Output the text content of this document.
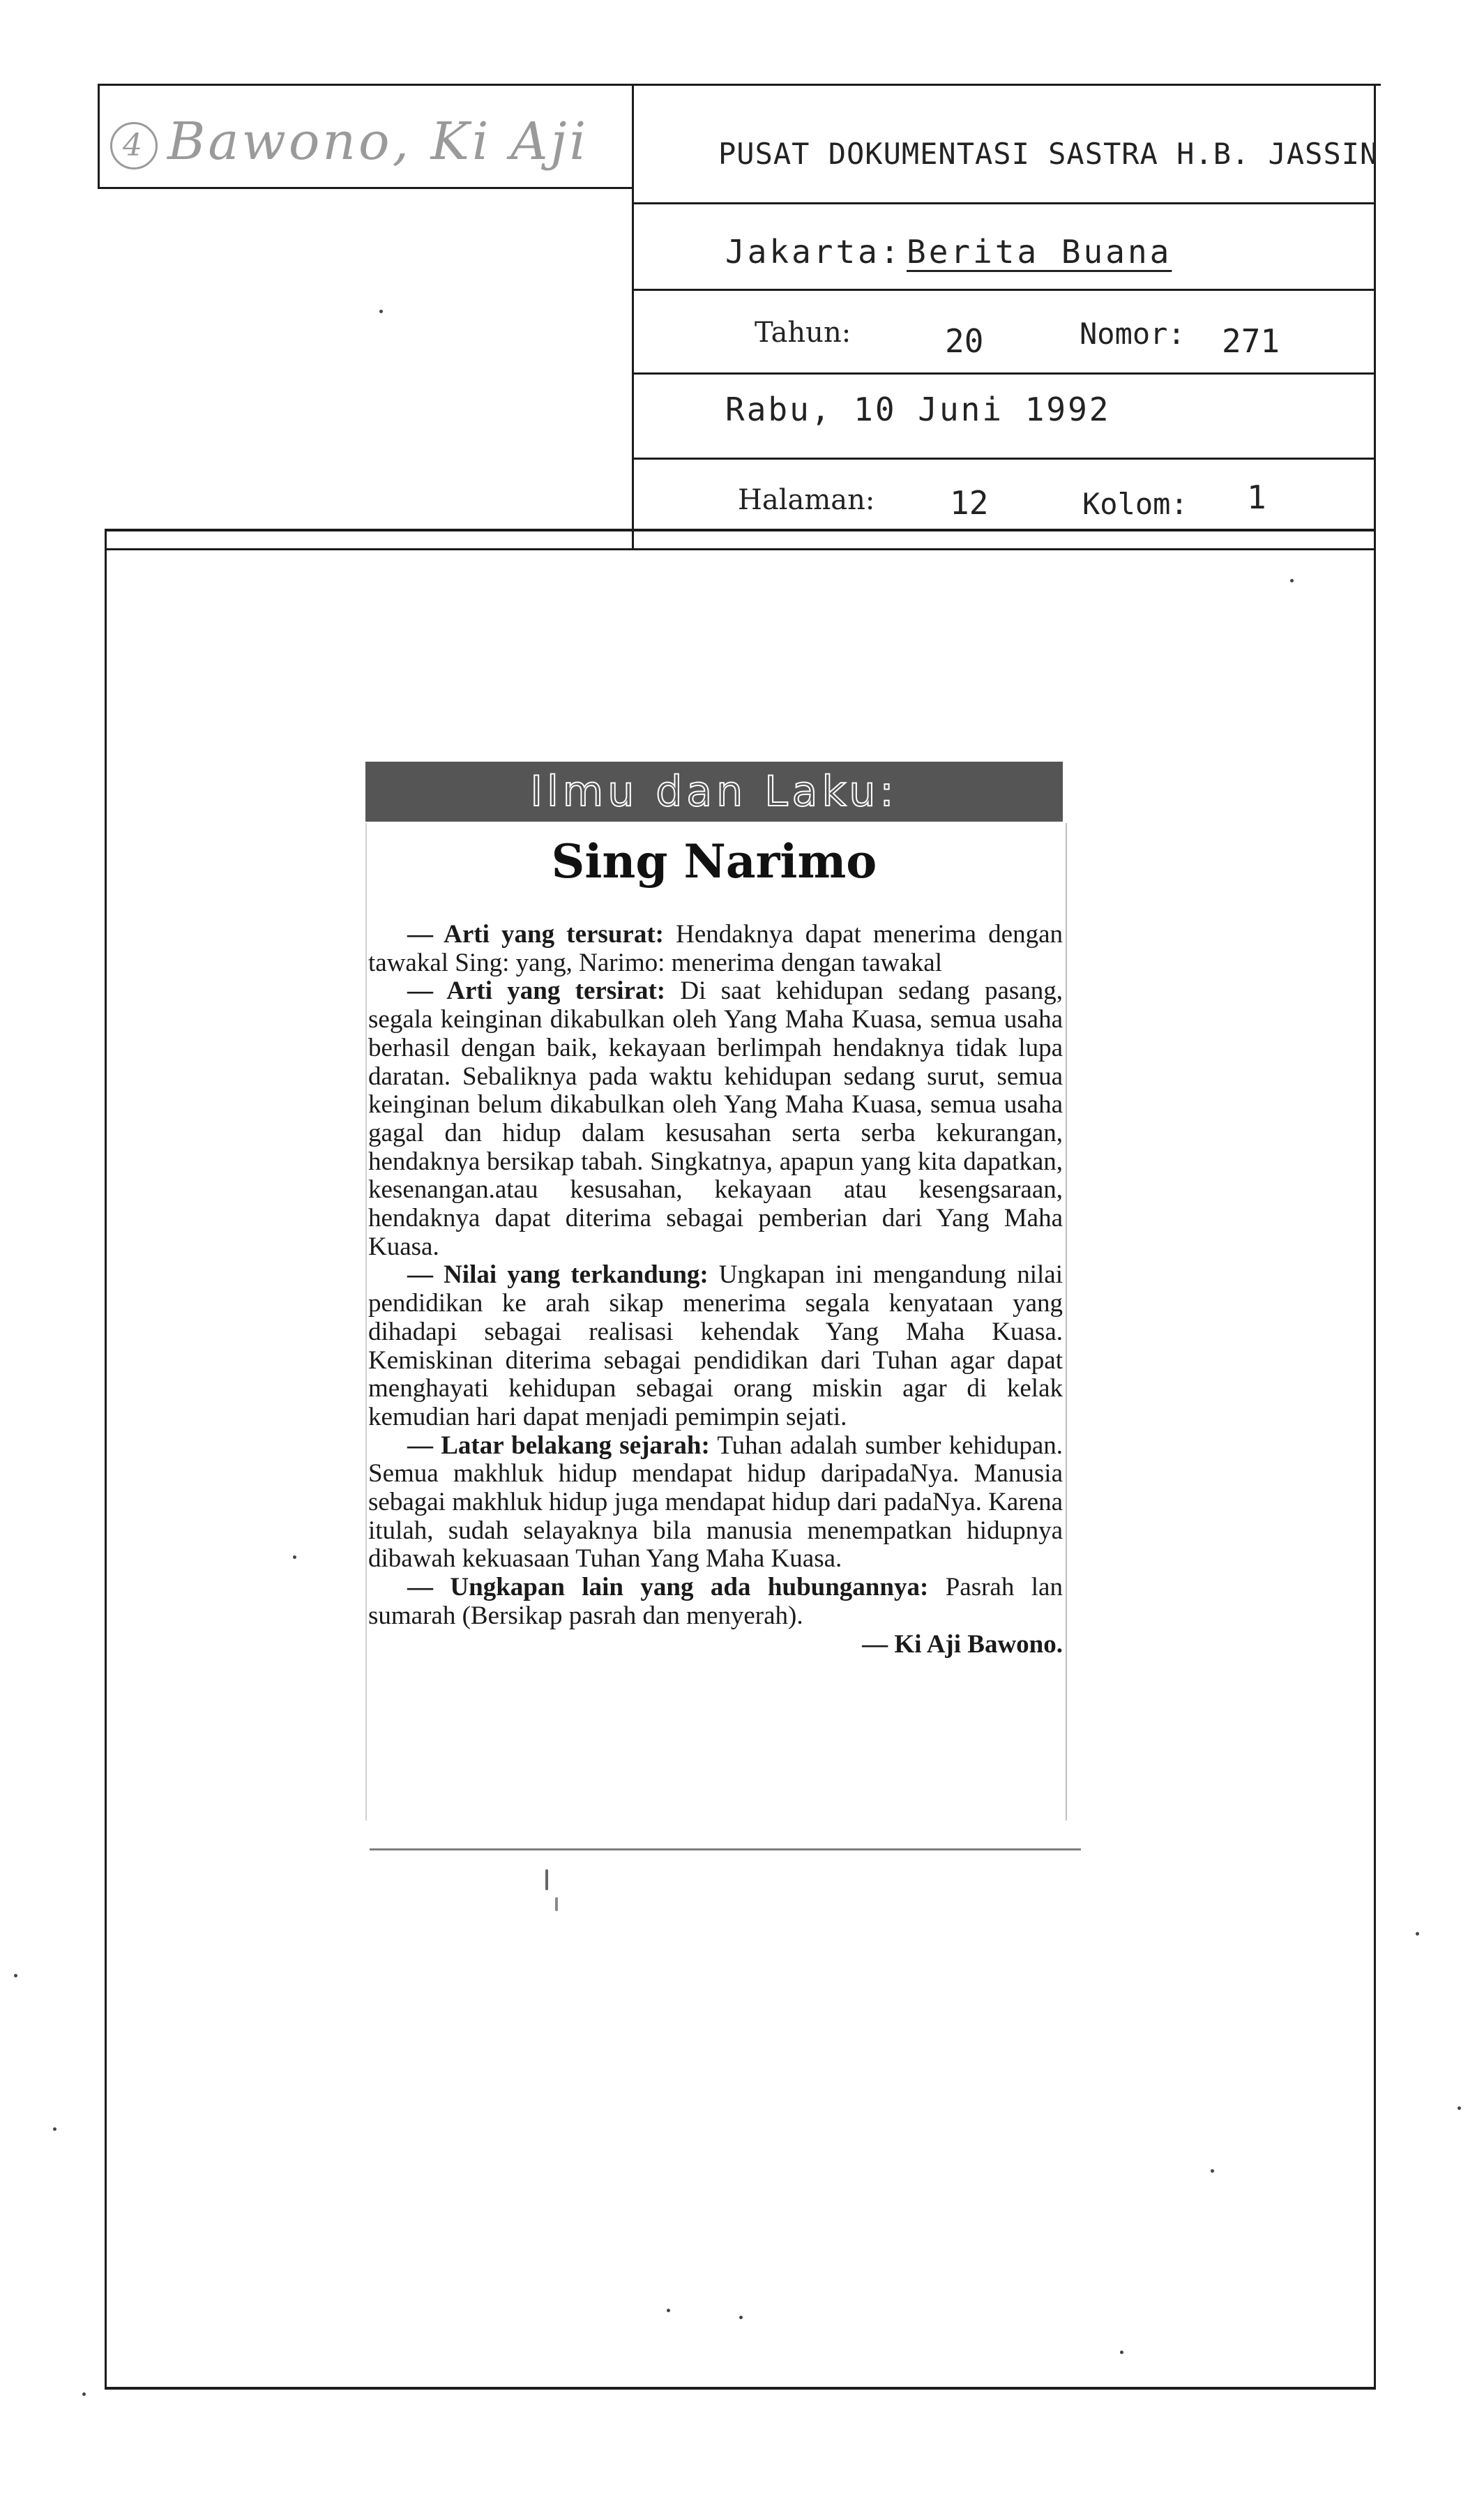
4 Bawono, Ki Aji	PUSAT DOKUMENTASI SASTRA H.B. JASSIN
Jakarta: Berita Buana
Tahun:	20	Nomor: 271
Rabu, 10 Juni 1992
Halaman: 12	Kolom: 1
Ilmu dan Laku:
Sing Narimo

— Arti yang tersurat: Hendaknya dapat menerima dengan tawakal Sing: yang, Narimo: menerima dengan tawakal

— Arti yang tersirat: Di saat kehidupan sedang pasang, segala keinginan dikabulkan oleh Yang Maha Kuasa, semua usaha berhasil dengan baik, kekayaan berlimpah hendaknya tidak lupa daratan. Sebaliknya pada waktu kehidupan sedang surut, semua keinginan belum dikabulkan oleh Yang Maha Kuasa, semua usaha gagal dan hidup dalam kesusahan serta serba kekurangan, hendaknya bersikap tabah. Singkatnya, apapun yang kita dapatkan, kesenangan.atau kesusahan, kekayaan atau kesengsaraan, hendaknya dapat diterima sebagai pemberian dari Yang Maha Kuasa.

— Nilai yang terkandung: Ungkapan ini mengandung nilai pendidikan ke arah sikap menerima segala kenyataan yang dihadapi sebagai realisasi kehendak Yang Maha Kuasa. Kemiskinan diterima sebagai pendidikan dari Tuhan agar dapat menghayati kehidupan sebagai orang miskin agar di kelak kemudian hari dapat menjadi pemimpin sejati.

— Latar belakang sejarah: Tuhan adalah sumber kehidupan. Semua makhluk hidup mendapat hidup daripadaNya. Manusia sebagai makhluk hidup juga mendapat hidup dari padaNya. Karena itulah, sudah selayaknya bila manusia menempatkan hidupnya dibawah kekuasaan Tuhan Yang Maha Kuasa.

— Ungkapan lain yang ada hubungannya: Pasrah lan sumarah (Bersikap pasrah dan menyerah).

— Ki Aji Bawono.
